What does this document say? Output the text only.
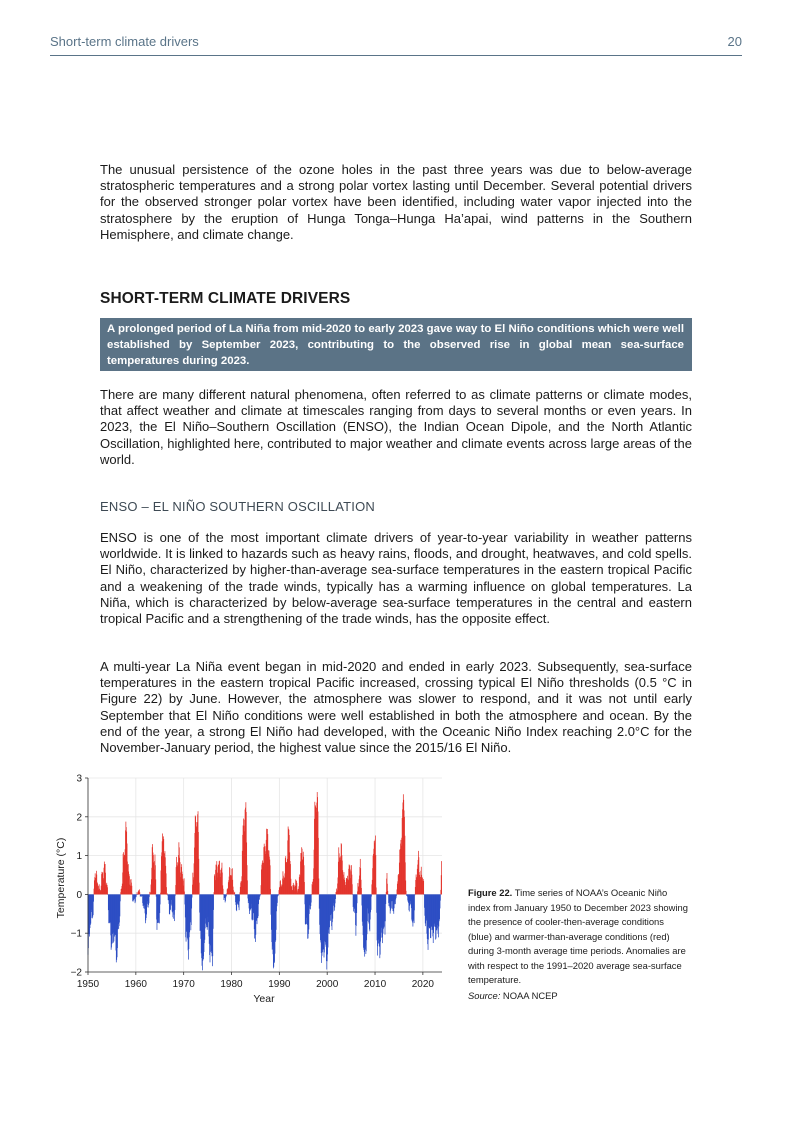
Short-term climate drivers	20

The unusual persistence of the ozone holes in the past three years was due to below-average stratospheric temperatures and a strong polar vortex lasting until December. Several potential drivers for the observed stronger polar vortex have been identified, including water vapor injected into the stratosphere by the eruption of Hunga Tonga–Hunga Ha’apai, wind patterns in the Southern Hemisphere, and climate change.

SHORT-TERM CLIMATE DRIVERS
A prolonged period of La Niña from mid-2020 to early 2023 gave way to El Niño conditions which were well established by September 2023, contributing to the observed rise in global mean sea-surface temperatures during 2023.

There are many different natural phenomena, often referred to as climate patterns or climate modes, that affect weather and climate at timescales ranging from days to several months or even years. In 2023, the El Niño–Southern Oscillation (ENSO), the Indian Ocean Dipole, and the North Atlantic Oscillation, highlighted here, contributed to major weather and climate events across large areas of the world.

ENSO – EL NIÑO SOUTHERN OSCILLATION

ENSO is one of the most important climate drivers of year-to-year variability in weather patterns worldwide. It is linked to hazards such as heavy rains, floods, and drought, heatwaves, and cold spells. El Niño, characterized by higher-than-average sea-surface temperatures in the eastern tropical Pacific and a weakening of the trade winds, typically has a warming influence on global temperatures. La Niña, which is characterized by below-average sea-surface temperatures in the central and eastern tropical Pacific and a strengthening of the trade winds, has the opposite effect.

A multi-year La Niña event began in mid-2020 and ended in early 2023. Subsequently, sea-surface temperatures in the eastern tropical Pacific increased, crossing typical El Niño thresholds (0.5 °C in Figure 22) by June. However, the atmosphere was slower to respond, and it was not until early September that El Niño conditions were well established in both the atmosphere and ocean. By the end of the year, a strong El Niño had developed, with the Oceanic Niño Index reaching 2.0°C for the November-January period, the highest value since the 2015/16 El Niño.

1950	1960	1970	1980	1990	2000	2010	2020
3
2
1
0
−1
−2
Year
Temperature (°C)	Figure 22. Time series of NOAA’s Oceanic Niño index from January 1950 to December 2023 showing the presence of cooler-then-average conditions (blue) and warmer-than-average conditions (red) during 3-month average time periods. Anomalies are with respect to the 1991–2020 average sea-surface temperature.
Source: NOAA NCEP
